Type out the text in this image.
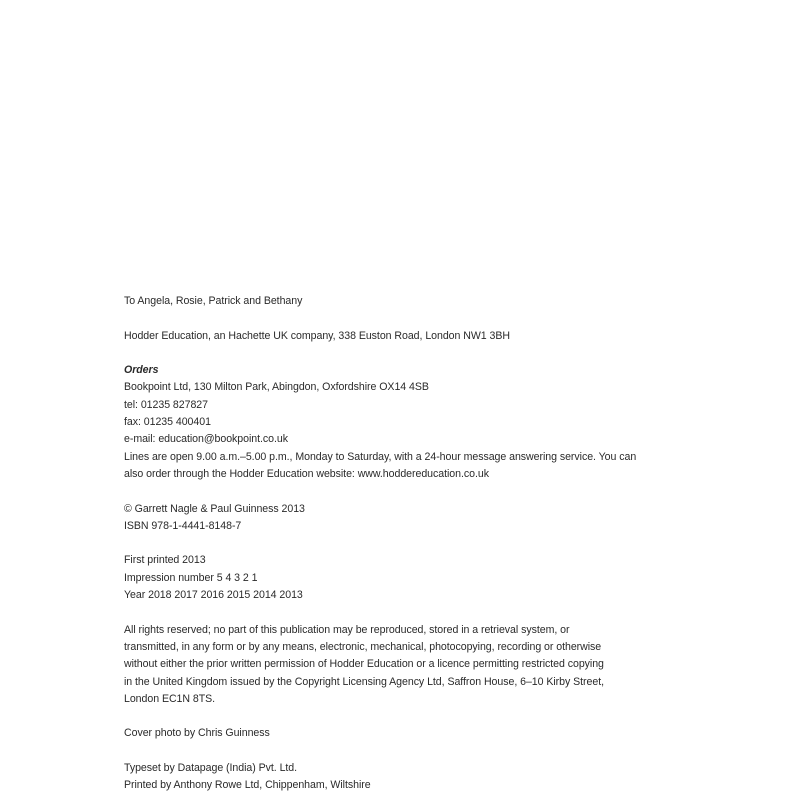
To Angela, Rosie, Patrick and Bethany

Hodder Education, an Hachette UK company, 338 Euston Road, London NW1 3BH

Orders

Bookpoint Ltd, 130 Milton Park, Abingdon, Oxfordshire OX14 4SB

tel: 01235 827827

fax: 01235 400401

e-mail: education@bookpoint.co.uk

Lines are open 9.00 a.m.–5.00 p.m., Monday to Saturday, with a 24-hour message answering service. You can

also order through the Hodder Education website: www.hoddereducation.co.uk

© Garrett Nagle & Paul Guinness 2013

ISBN 978-1-4441-8148-7

First printed 2013

Impression number 5 4 3 2 1

Year 2018 2017 2016 2015 2014 2013

All rights reserved; no part of this publication may be reproduced, stored in a retrieval system, or

transmitted, in any form or by any means, electronic, mechanical, photocopying, recording or otherwise

without either the prior written permission of Hodder Education or a licence permitting restricted copying

in the United Kingdom issued by the Copyright Licensing Agency Ltd, Saffron House, 6–10 Kirby Street,

London EC1N 8TS.

Cover photo by Chris Guinness

Typeset by Datapage (India) Pvt. Ltd.

Printed by Anthony Rowe Ltd, Chippenham, Wiltshire
